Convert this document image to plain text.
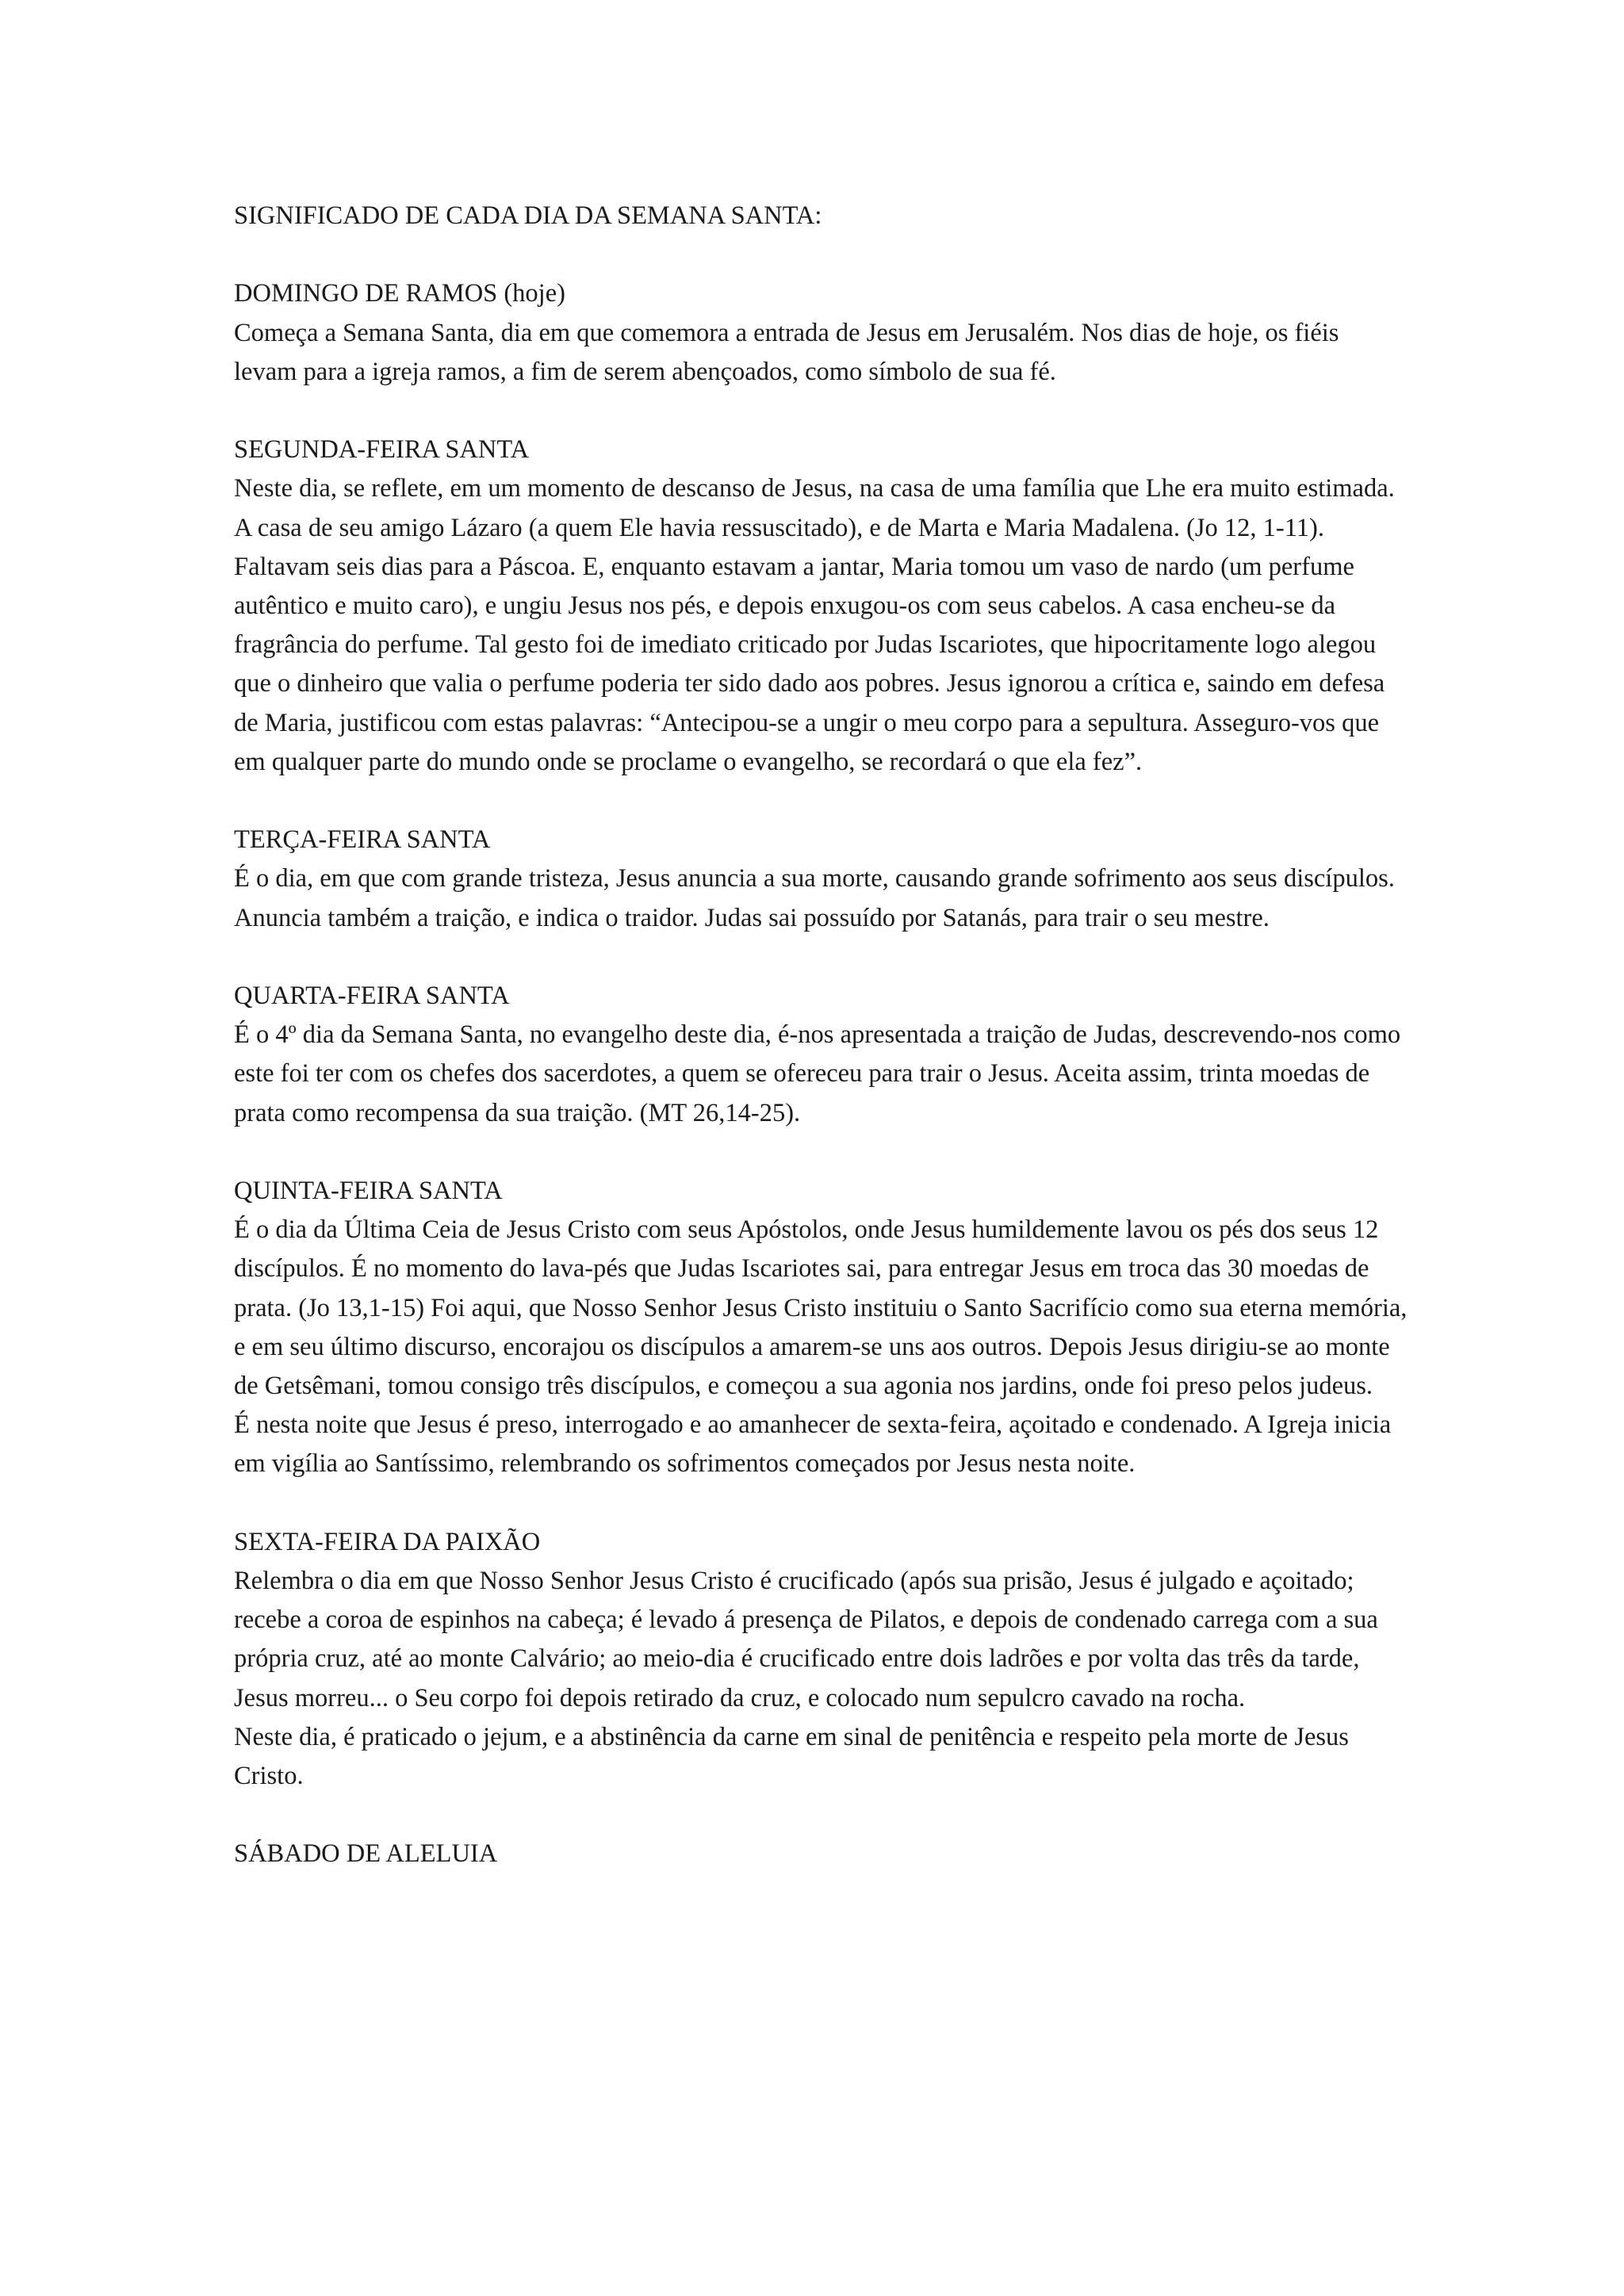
SIGNIFICADO DE CADA DIA DA SEMANA SANTA:
DOMINGO DE RAMOS (hoje)

Começa a Semana Santa, dia em que comemora a entrada de Jesus em Jerusalém. Nos dias de hoje, os fiéis levam para a igreja ramos, a fim de serem abençoados, como símbolo de sua fé.

SEGUNDA-FEIRA SANTA

Neste dia, se reflete, em um momento de descanso de Jesus, na casa de uma família que Lhe era muito estimada. A casa de seu amigo Lázaro (a quem Ele havia ressuscitado), e de Marta e Maria Madalena. (Jo 12, 1-11).

Faltavam seis dias para a Páscoa. E, enquanto estavam a jantar, Maria tomou um vaso de nardo (um perfume autêntico e muito caro), e ungiu Jesus nos pés, e depois enxugou-os com seus cabelos. A casa encheu-se da fragrância do perfume. Tal gesto foi de imediato criticado por Judas Iscariotes, que hipocritamente logo alegou que o dinheiro que valia o perfume poderia ter sido dado aos pobres. Jesus ignorou a crítica e, saindo em defesa de Maria, justificou com estas palavras: “Antecipou-se a ungir o meu corpo para a sepultura. Asseguro-vos que em qualquer parte do mundo onde se proclame o evangelho, se recordará o que ela fez”.

TERÇA-FEIRA SANTA

É o dia, em que com grande tristeza, Jesus anuncia a sua morte, causando grande sofrimento aos seus discípulos. Anuncia também a traição, e indica o traidor. Judas sai possuído por Satanás, para trair o seu mestre.

QUARTA-FEIRA SANTA

É o 4º dia da Semana Santa, no evangelho deste dia, é-nos apresentada a traição de Judas, descrevendo-nos como este foi ter com os chefes dos sacerdotes, a quem se ofereceu para trair o Jesus. Aceita assim, trinta moedas de prata como recompensa da sua traição. (MT 26,14-25).

QUINTA-FEIRA SANTA

É o dia da Última Ceia de Jesus Cristo com seus Apóstolos, onde Jesus humildemente lavou os pés dos seus 12 discípulos. É no momento do lava-pés que Judas Iscariotes sai, para entregar Jesus em troca das 30 moedas de prata. (Jo 13,1-15) Foi aqui, que Nosso Senhor Jesus Cristo instituiu o Santo Sacrifício como sua eterna memória, e em seu último discurso, encorajou os discípulos a amarem-se uns aos outros. Depois Jesus dirigiu-se ao monte de Getsêmani, tomou consigo três discípulos, e começou a sua agonia nos jardins, onde foi preso pelos judeus.

É nesta noite que Jesus é preso, interrogado e ao amanhecer de sexta-feira, açoitado e condenado. A Igreja inicia em vigília ao Santíssimo, relembrando os sofrimentos começados por Jesus nesta noite.

SEXTA-FEIRA DA PAIXÃO

Relembra o dia em que Nosso Senhor Jesus Cristo é crucificado (após sua prisão, Jesus é julgado e açoitado; recebe a coroa de espinhos na cabeça; é levado á presença de Pilatos, e depois de condenado carrega com a sua própria cruz, até ao monte Calvário; ao meio-dia é crucificado entre dois ladrões e por volta das três da tarde, Jesus morreu... o Seu corpo foi depois retirado da cruz, e colocado num sepulcro cavado na rocha.

Neste dia, é praticado o jejum, e a abstinência da carne em sinal de penitência e respeito pela morte de Jesus Cristo.

SÁBADO DE ALELUIA
